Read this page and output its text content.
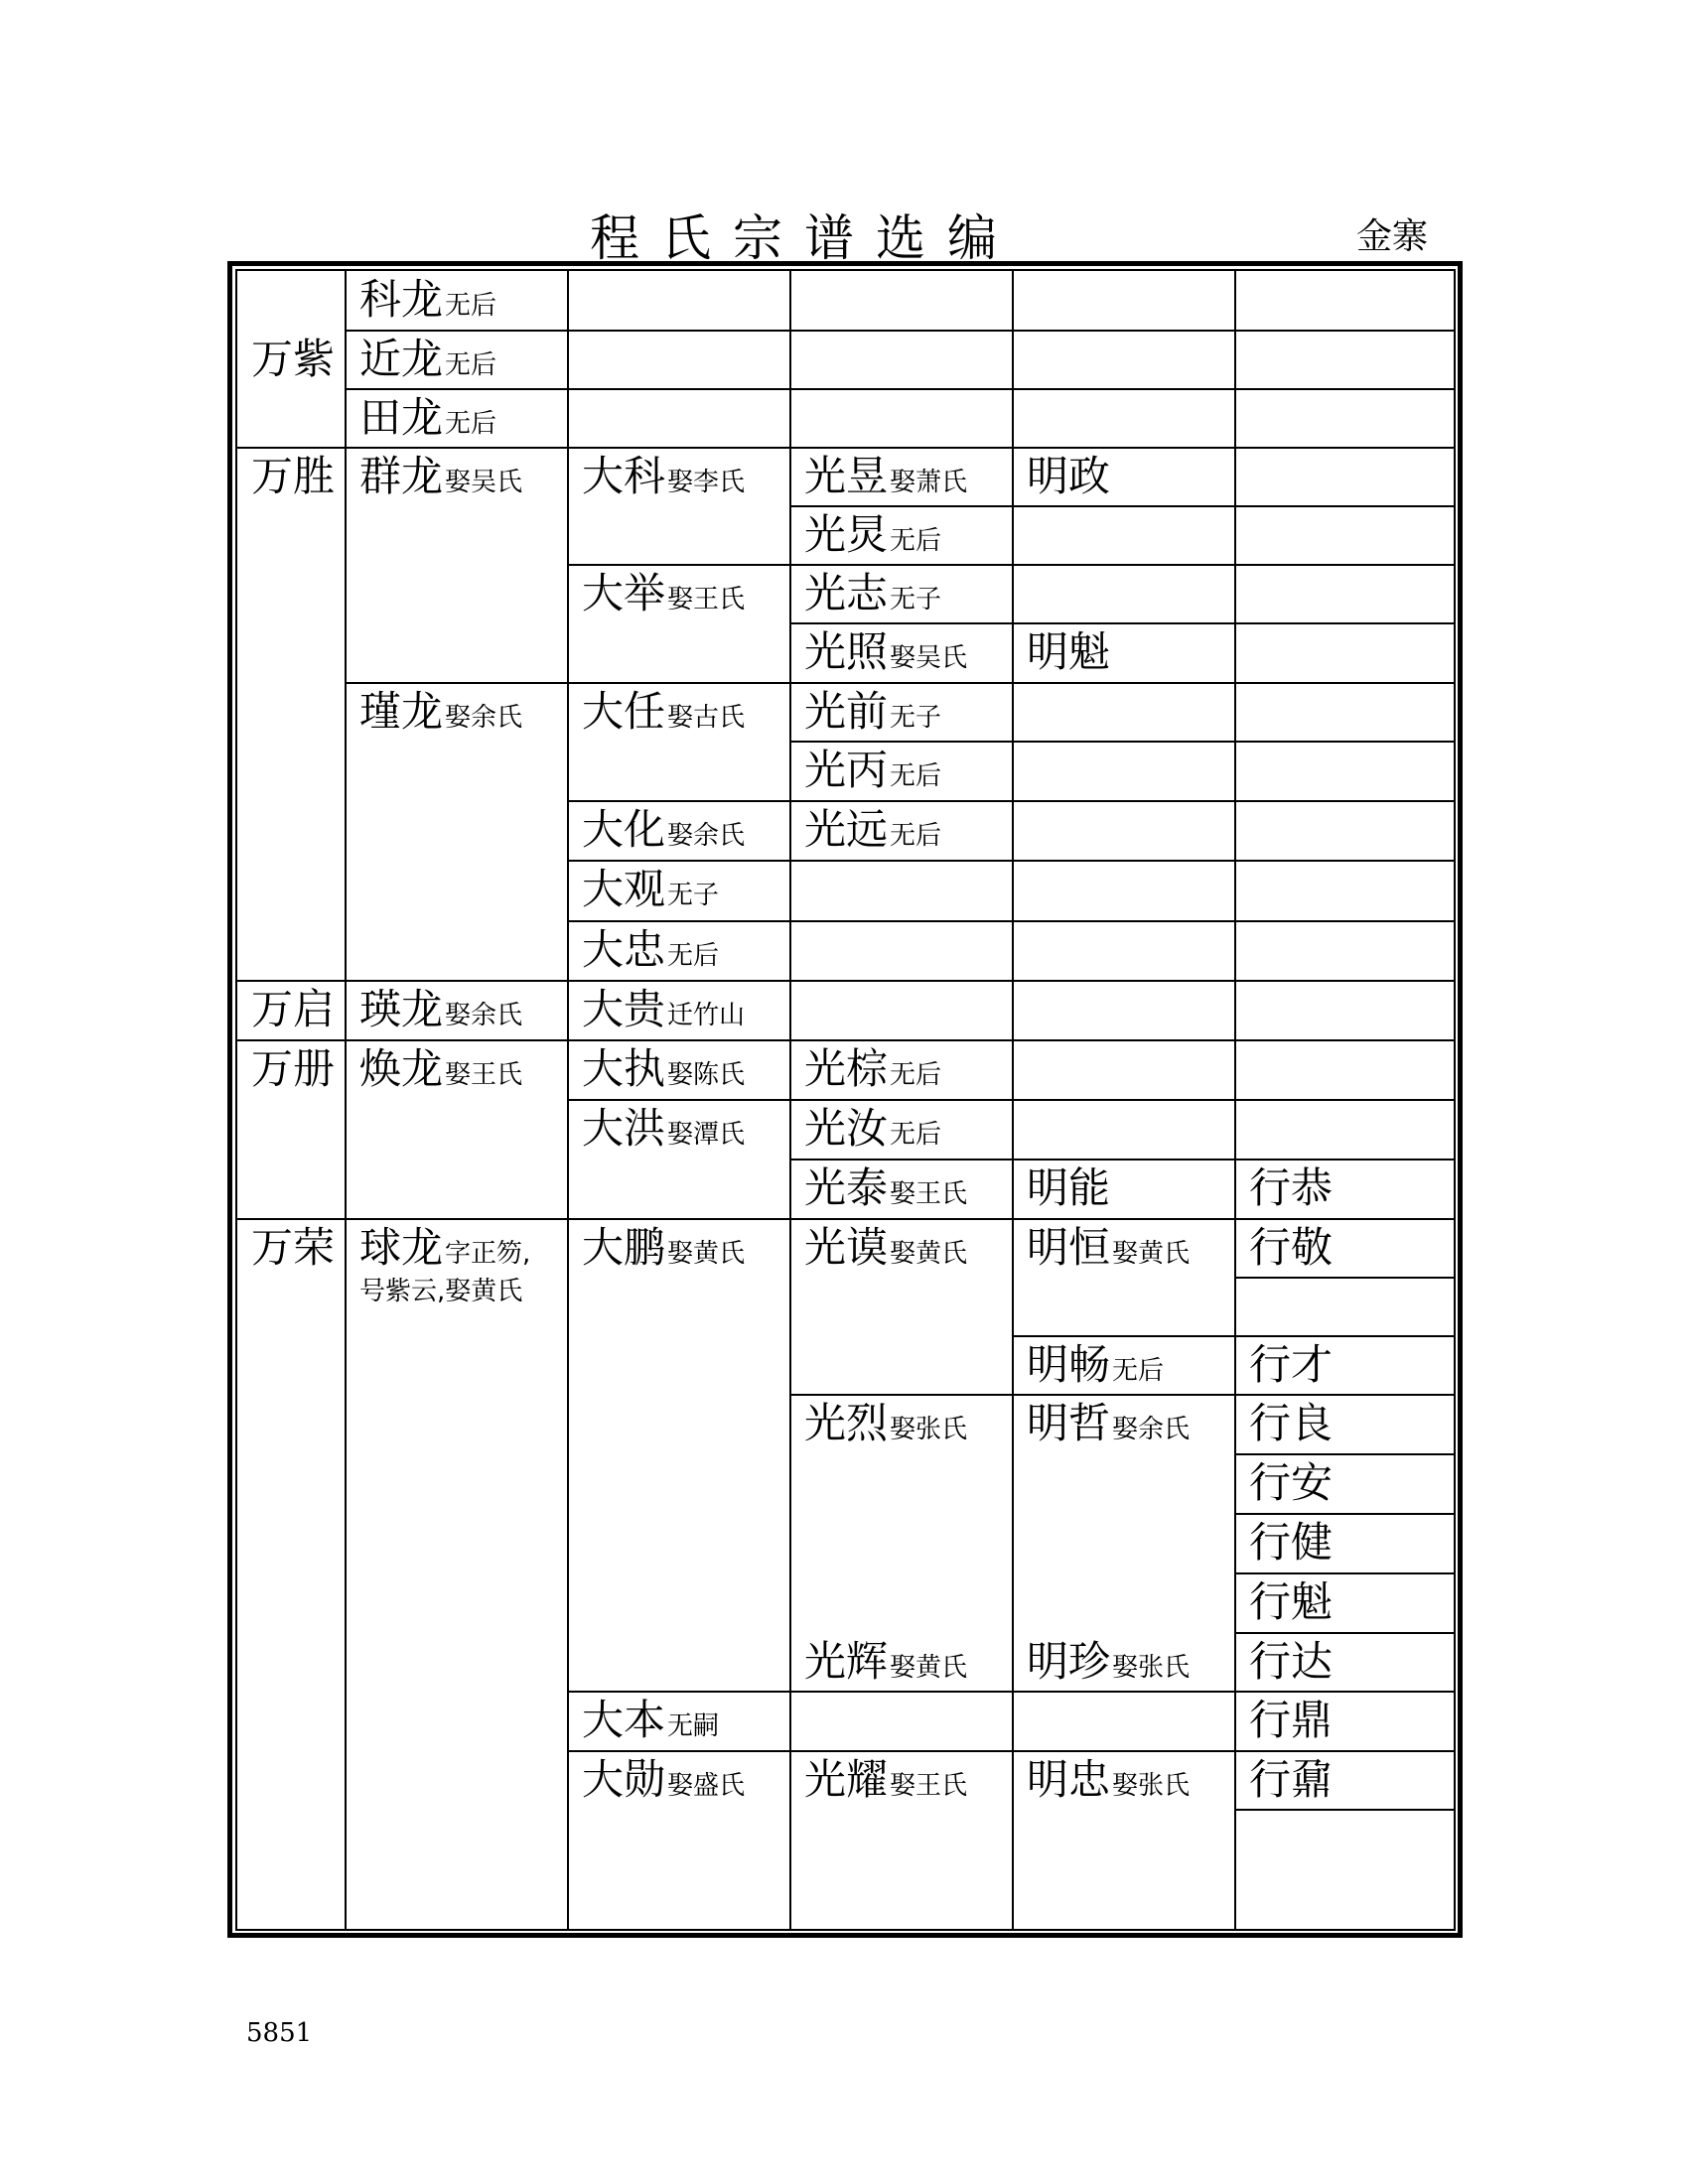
程氏宗谱选编	金寨
万紫
万胜
万启
万册
万荣
科龙 无后
近龙 无后
田龙 无后
群龙 娶吴氏
瑾龙 娶余氏
瑛龙 娶余氏
焕龙 娶王氏
球龙 字正笏,
号紫云,娶黄氏
大科 娶李氏
大举 娶王氏
大任 娶古氏
大化 娶余氏
大观 无子
大忠 无后
大贵 迁竹山
大执 娶陈氏
大洪 娶潭氏
大鹏 娶黄氏
大本 无嗣
大勋 娶盛氏
光昱 娶萧氏
光炅 无后
光志 无子
光照 娶吴氏
光前 无子
光丙 无后
光远 无后
光棕 无后
光汝 无后
光泰 娶王氏
光谟 娶黄氏
光烈 娶张氏
光辉 娶黄氏
光耀 娶王氏
明政
明魁
明能
明恒 娶黄氏
明畅 无后
明哲 娶余氏
明珍 娶张氏
明忠 娶张氏
行恭
行敬
行才
行良
行安
行健
行魁
行达
行鼎
行鼐
5851
